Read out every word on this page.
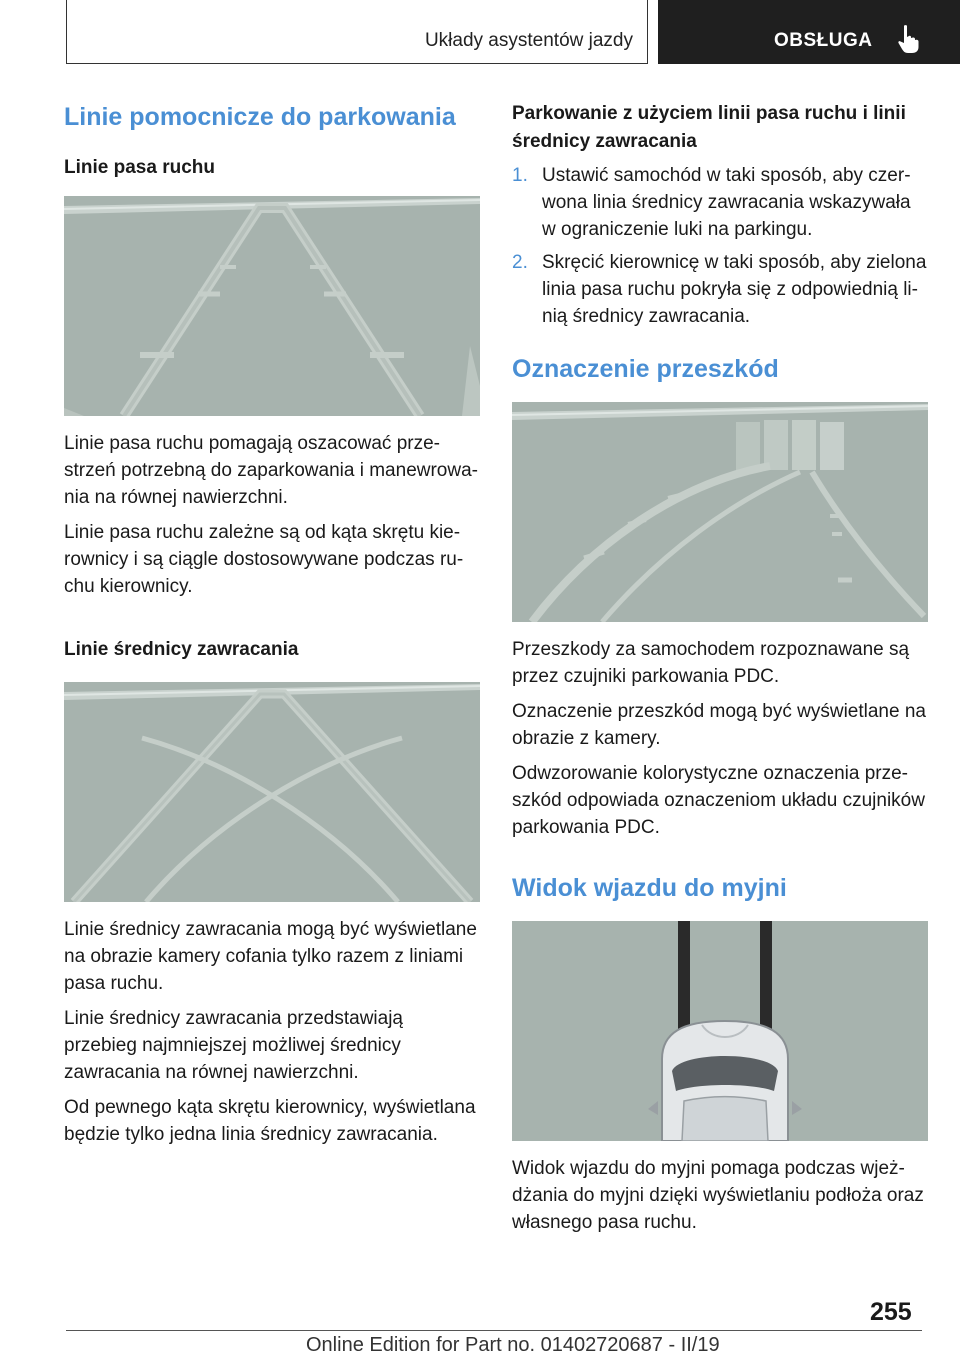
Układy asystentów jazdy	OBSŁUGA
Linie pomocnicze do parkowania
Linie pasa ruchu

Linie pasa ruchu pomagają oszacować prze-strzeń potrzebną do zaparkowania i manewrowa-nia na równej nawierzchni.

Linie pasa ruchu zależne są od kąta skrętu kie-rownicy i są ciągle dostosowywane podczas ru-chu kierownicy.

Linie średnicy zawracania

Linie średnicy zawracania mogą być wyświetlane na obrazie kamery cofania tylko razem z liniami pasa ruchu.

Linie średnicy zawracania przedstawiają przebieg najmniejszej możliwej średnicy zawracania na równej nawierzchni.

Od pewnego kąta skrętu kierownicy, wyświetlana będzie tylko jedna linia średnicy zawracania.

Parkowanie z użyciem linii pasa ruchu i linii średnicy zawracania
1. Ustawić samochód w taki sposób, aby czer-wona linia średnicy zawracania wskazywała w ograniczenie luki na parkingu.
2. Skręcić kierownicę w taki sposób, aby zielona linia pasa ruchu pokryła się z odpowiednią li-nią średnicy zawracania.
Oznaczenie przeszkód

Przeszkody za samochodem rozpoznawane są przez czujniki parkowania PDC.

Oznaczenie przeszkód mogą być wyświetlane na obrazie z kamery.

Odwzorowanie kolorystyczne oznaczenia prze-szkód odpowiada oznaczeniom układu czujników parkowania PDC.

Widok wjazdu do myjni

Widok wjazdu do myjni pomaga podczas wjeż-dżania do myjni dzięki wyświetlaniu podłoża oraz własnego pasa ruchu.

255
Online Edition for Part no. 01402720687 - II/19
